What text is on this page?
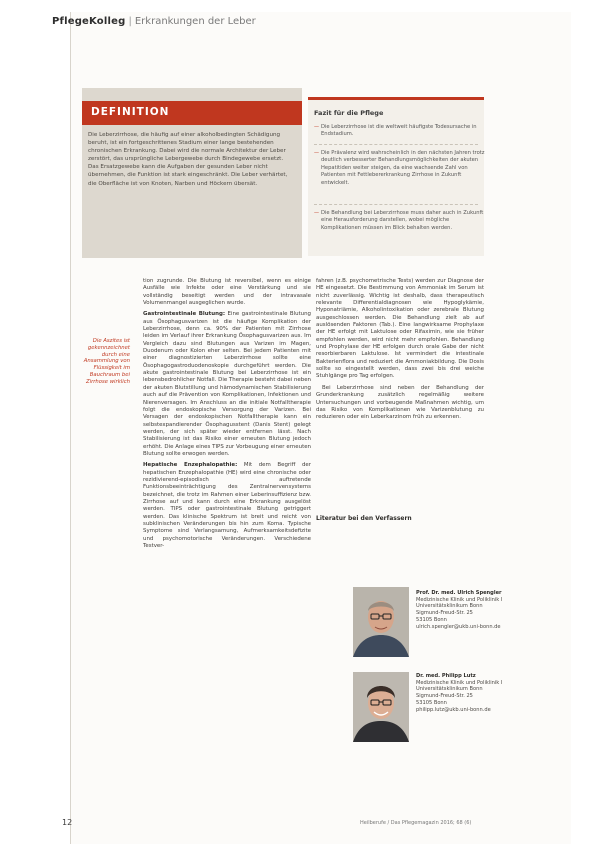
PflegeKolleg | Erkrankungen der Leber
DEFINITION
Die Leberzirrhose, die häufig auf einer alkoholbedingten Schädigung beruht, ist ein fortgeschrittenes Stadium einer lange bestehenden chronischen Erkrankung. Dabei wird die normale Architektur der Leber zerstört, das ursprüngliche Lebergewebe durch Bindegewebe ersetzt. Das Ersatzgewebe kann die Aufgaben der gesunden Leber nicht übernehmen, die Funktion ist stark eingeschränkt. Die Leber verhärtet, die Oberfläche ist von Knoten, Narben und Höckern übersät.
Fazit für die Pflege
— Die Leberzirrhose ist die weltweit häufigste Todesursache in Endstadium.
— Die Prävalenz wird wahrscheinlich in den nächsten Jahren trotz deutlich verbesserter Behandlungsmöglichkeiten der akuten Hepatitiden weiter steigen, da eine wachsende Zahl von Patienten mit Fettlebererkrankung Zirrhose in Zukunft entwickelt.
— Die Behandlung bei Leberzirrhose muss daher auch in Zukunft eine Herausforderung darstellen, wobei mögliche Komplikationen müssen im Blick behalten werden.
Die Aszites ist gekennzeichnet durch eine Ansammlung von Flüssigkeit im Bauchraum bei Zirrhose wirklich

tion zugrunde. Die Blutung ist reversibel, wenn es einige Ausfälle wie Infekte oder eine Verstärkung und sie vollständig beseitigt werden und der intravasale Volumenmangel ausgeglichen wurde.

Gastrointestinale Blutung: Eine gastrointestinale Blutung aus Ösophagusvarizen ist die häufige Komplikation der Leberzirrhose, denn ca. 90% der Patienten mit Zirrhose leiden im Verlauf ihrer Erkrankung Ösophagusvarizen aus. Im Vergleich dazu sind Blutungen aus Varizen im Magen, Duodenum oder Kolon eher selten. Bei jedem Patienten mit einer diagnostizierten Leberzirrhose sollte eine Ösophagogastroduodenoskopie durchgeführt werden. Die akute gastrointestinale Blutung bei Leberzirrhose ist ein lebensbedrohlicher Notfall. Die Therapie besteht dabei neben der akuten Blutstillung und hämodynamischen Stabilisierung auch auf die Prävention von Komplikationen, Infektionen und Nierenversagen. Im Anschluss an die initiale Notfalltherapie folgt die endoskopische Versorgung der Varizen. Bei Versagen der endoskopischen Notfalltherapie kann ein selbstexpandierender Ösophagusstent (Danis Stent) gelegt werden, der sich später wieder entfernen lässt. Nach Stabilisierung ist das Risiko einer erneuten Blutung jedoch erhöht. Die Anlage eines TIPS zur Vorbeugung einer erneuten Blutung sollte erwogen werden.

Hepatische Enzephalopathie: Mit dem Begriff der hepatischen Enzephalopathie (HE) wird eine chronische oder rezidivierend-episodisch auftretende Funktionsbeeinträchtigung des Zentralnervensystems bezeichnet, die trotz im Rahmen einer Leberinsuffizienz bzw. Zirrhose auf und kann durch eine Erkrankung ausgelöst werden. TIPS oder gastrointestinale Blutung getriggert werden. Das klinische Spektrum ist breit und reicht von subklinischen Veränderungen bis hin zum Koma. Typische Symptome sind Verlangsamung, Aufmerksamkeitsdefizite und psychomotorische Veränderungen. Verschiedene Testver-

fahren (z.B. psychometrische Tests) werden zur Diagnose der HE eingesetzt. Die Bestimmung von Ammoniak im Serum ist nicht zuverlässig. Wichtig ist deshalb, dass therapeutisch relevante Differentialdiagnosen wie Hypoglykämie, Hyponatriämie, Alkoholintoxikation oder zerebrale Blutung ausgeschlossen werden. Die Behandlung zielt ab auf auslösenden Faktoren (Tab.). Eine langwirksame Prophylaxe der HE erfolgt mit Laktulose oder Rifaximin, wie sie früher empfohlen werden, wird nicht mehr empfohlen. Behandlung und Prophylaxe der HE erfolgen durch orale Gabe der nicht resorbierbaren Laktulose. Ist vermindert die intestinale Bakterienflora und reduziert die Ammoniakbildung. Die Dosis sollte so eingestellt werden, dass zwei bis drei weiche Stuhlgänge pro Tag erfolgen.

Bei Leberzirrhose sind neben der Behandlung der Grunderkrankung zusätzlich regelmäßig weitere Untersuchungen und vorbeugende Maßnahmen wichtig, um das Risiko von Komplikationen wie Varizenblutung zu reduzieren oder ein Leberkarzinom früh zu erkennen.

Literatur bei den Verfassern
Prof. Dr. med. Ulrich Spengler
Medizinische Klinik und Poliklinik I
Universitätsklinikum Bonn
Sigmund-Freud-Str. 25
53105 Bonn
ulrich.spengler@ukb.uni-bonn.de
Dr. med. Philipp Lutz
Medizinische Klinik und Poliklinik I
Universitätsklinikum Bonn
Sigmund-Freud-Str. 25
53105 Bonn
philipp.lutz@ukb.uni-bonn.de
12	Heilberufe / Das Pflegemagazin 2016; 68 (6)
